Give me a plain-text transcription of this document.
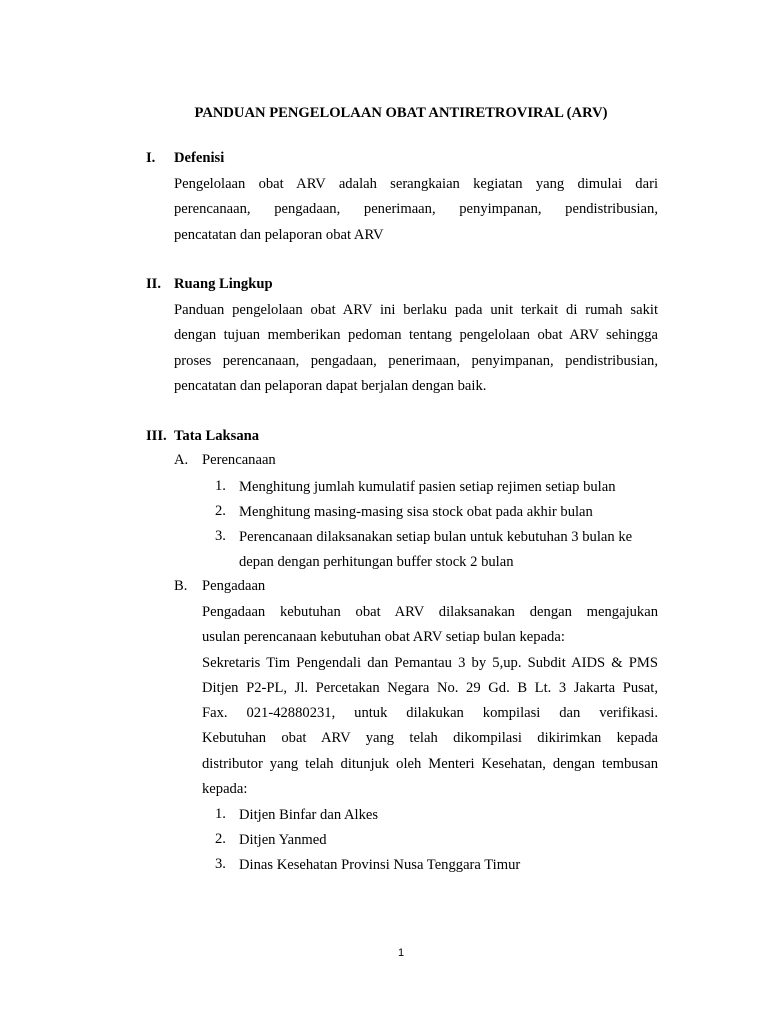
PANDUAN PENGELOLAAN OBAT ANTIRETROVIRAL (ARV)
I. Defenisi
Pengelolaan obat ARV adalah serangkaian kegiatan yang dimulai dari
perencanaan, pengadaan, penerimaan, penyimpanan, pendistribusian,
pencatatan dan pelaporan obat ARV
II. Ruang Lingkup
Panduan pengelolaan obat ARV ini berlaku pada unit terkait di rumah sakit
dengan tujuan memberikan pedoman tentang pengelolaan obat ARV sehingga
proses perencanaan, pengadaan, penerimaan, penyimpanan, pendistribusian,
pencatatan dan pelaporan dapat berjalan dengan baik.
III. Tata Laksana
A. Perencanaan
1. Menghitung jumlah kumulatif pasien setiap rejimen setiap bulan
2. Menghitung masing-masing sisa stock obat pada akhir bulan
3. Perencanaan dilaksanakan setiap bulan untuk kebutuhan 3 bulan ke
depan dengan perhitungan buffer stock 2 bulan
B. Pengadaan
Pengadaan kebutuhan obat ARV dilaksanakan dengan mengajukan
usulan perencanaan kebutuhan obat ARV setiap bulan kepada:
Sekretaris Tim Pengendali dan Pemantau 3 by 5,up. Subdit AIDS & PMS
Ditjen P2-PL, Jl. Percetakan Negara No. 29 Gd. B Lt. 3 Jakarta Pusat,
Fax. 021-42880231, untuk dilakukan kompilasi dan verifikasi.
Kebutuhan obat ARV yang telah dikompilasi dikirimkan kepada
distributor yang telah ditunjuk oleh Menteri Kesehatan, dengan tembusan
kepada:
1. Ditjen Binfar dan Alkes
2. Ditjen Yanmed
3. Dinas Kesehatan Provinsi Nusa Tenggara Timur
1
